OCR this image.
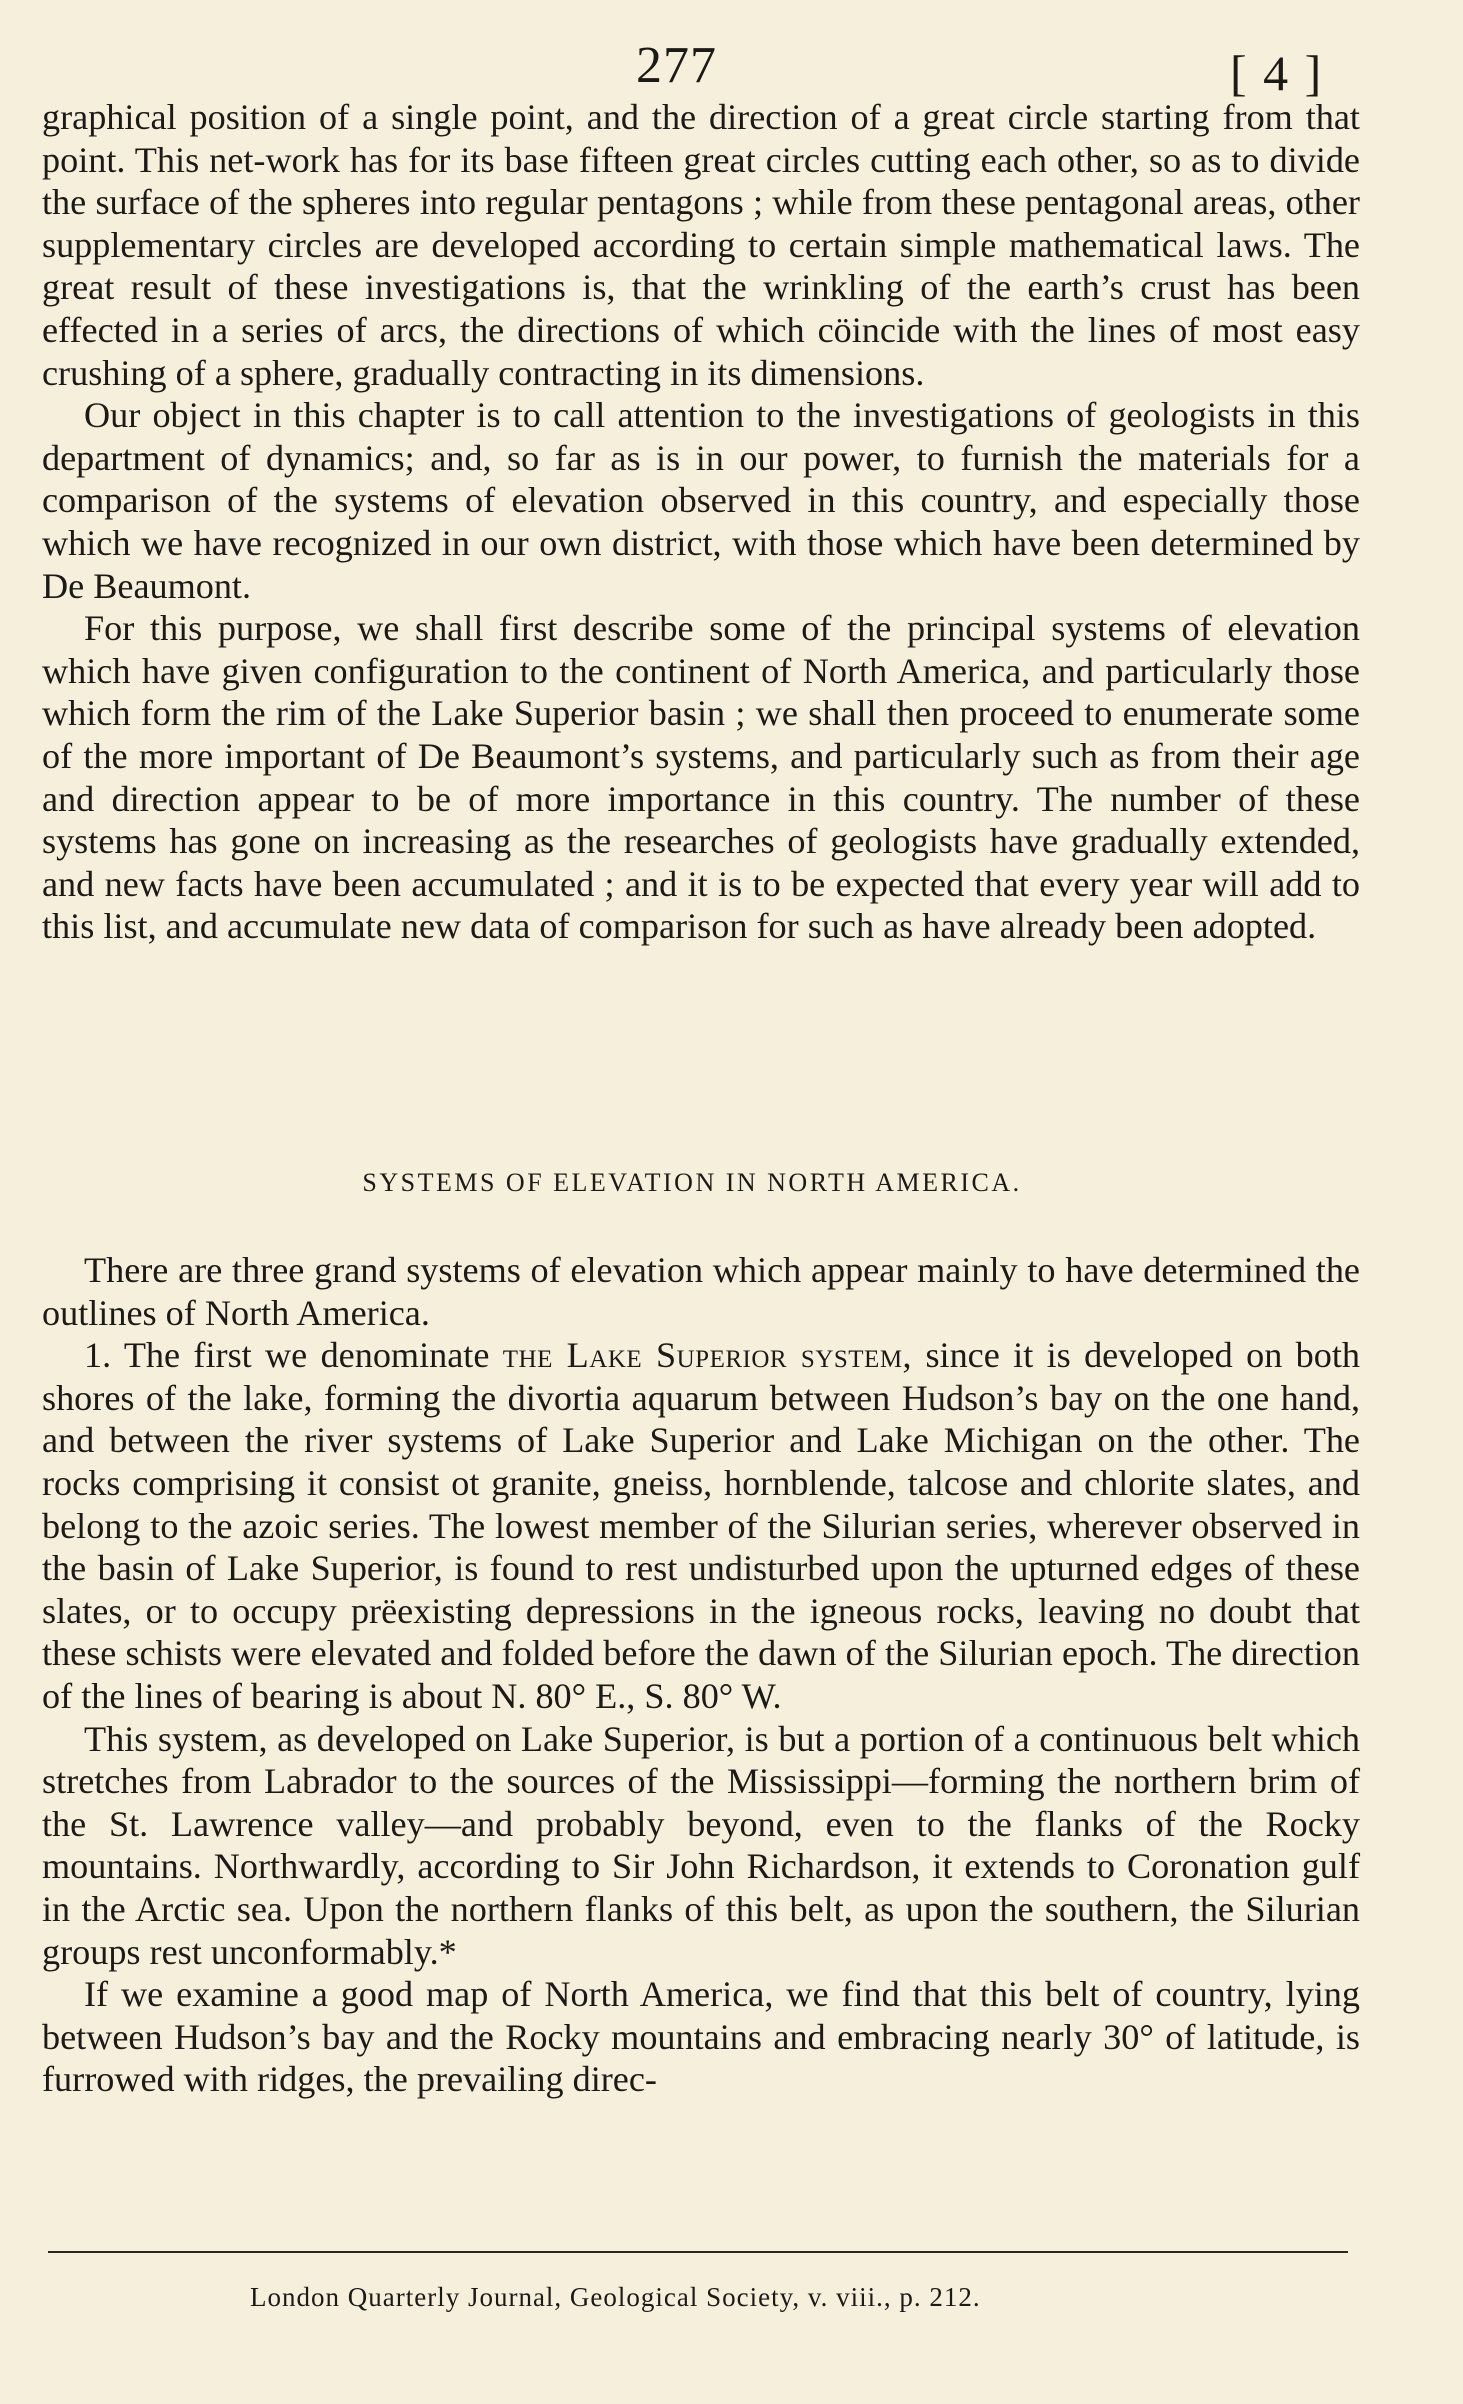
277	[ 4 ]

graphical position of a single point, and the direction of a great circle starting from that point. This net-work has for its base fifteen great circles cutting each other, so as to divide the surface of the spheres into regular pentagons ; while from these pentagonal areas, other supplementary circles are developed according to certain simple mathematical laws. The great result of these investigations is, that the wrinkling of the earth’s crust has been effected in a series of arcs, the directions of which cöincide with the lines of most easy crushing of a sphere, gradually contracting in its dimensions.

Our object in this chapter is to call attention to the investigations of geologists in this department of dynamics; and, so far as is in our power, to furnish the materials for a comparison of the systems of elevation observed in this country, and especially those which we have recognized in our own district, with those which have been determined by De Beaumont.

For this purpose, we shall first describe some of the principal systems of elevation which have given configuration to the continent of North America, and particularly those which form the rim of the Lake Superior basin ; we shall then proceed to enumerate some of the more important of De Beaumont’s systems, and particularly such as from their age and direction appear to be of more importance in this country. The number of these systems has gone on increasing as the researches of geologists have gradually extended, and new facts have been accumulated ; and it is to be expected that every year will add to this list, and accumulate new data of comparison for such as have already been adopted.

SYSTEMS OF ELEVATION IN NORTH AMERICA.

There are three grand systems of elevation which appear mainly to have determined the outlines of North America.

1. The first we denominate the Lake Superior system, since it is developed on both shores of the lake, forming the divortia aquarum between Hudson’s bay on the one hand, and between the river systems of Lake Superior and Lake Michigan on the other. The rocks comprising it consist ot granite, gneiss, hornblende, talcose and chlorite slates, and belong to the azoic series. The lowest member of the Silurian series, wherever observed in the basin of Lake Superior, is found to rest undisturbed upon the upturned edges of these slates, or to occupy prëexisting depressions in the igneous rocks, leaving no doubt that these schists were elevated and folded before the dawn of the Silurian epoch. The direction of the lines of bearing is about N. 80° E., S. 80° W.

This system, as developed on Lake Superior, is but a portion of a continuous belt which stretches from Labrador to the sources of the Mississippi—forming the northern brim of the St. Lawrence valley—and probably beyond, even to the flanks of the Rocky mountains. Northwardly, according to Sir John Richardson, it extends to Coronation gulf in the Arctic sea. Upon the northern flanks of this belt, as upon the southern, the Silurian groups rest unconformably.*

If we examine a good map of North America, we find that this belt of country, lying between Hudson’s bay and the Rocky mountains and embracing nearly 30° of latitude, is furrowed with ridges, the prevailing direc-

London Quarterly Journal, Geological Society, v. viii., p. 212.
